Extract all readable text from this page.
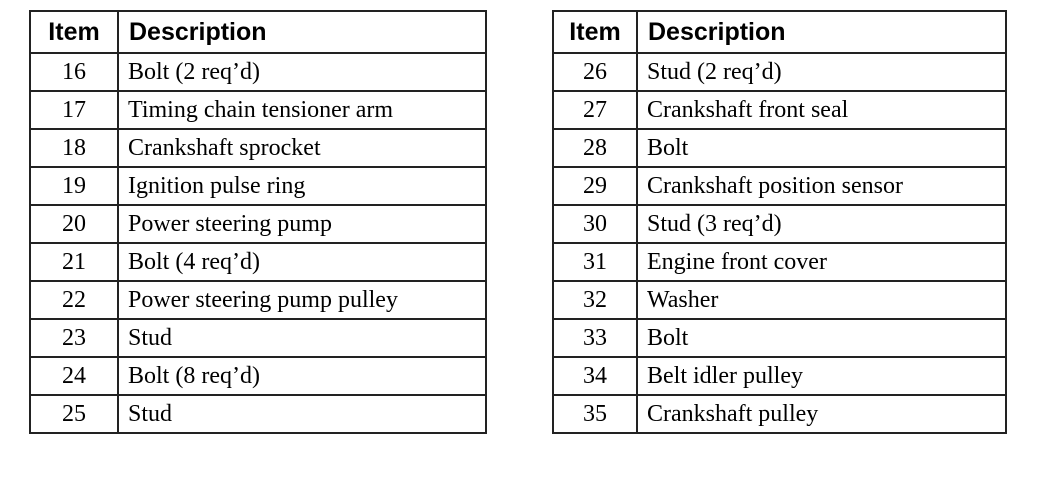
Item	Description
16	Bolt (2 req’d)
17	Timing chain tensioner arm
18	Crankshaft sprocket
19	Ignition pulse ring
20	Power steering pump
21	Bolt (4 req’d)
22	Power steering pump pulley
23	Stud
24	Bolt (8 req’d)
25	Stud
Item	Description
26	Stud (2 req’d)
27	Crankshaft front seal
28	Bolt
29	Crankshaft position sensor
30	Stud (3 req’d)
31	Engine front cover
32	Washer
33	Bolt
34	Belt idler pulley
35	Crankshaft pulley
